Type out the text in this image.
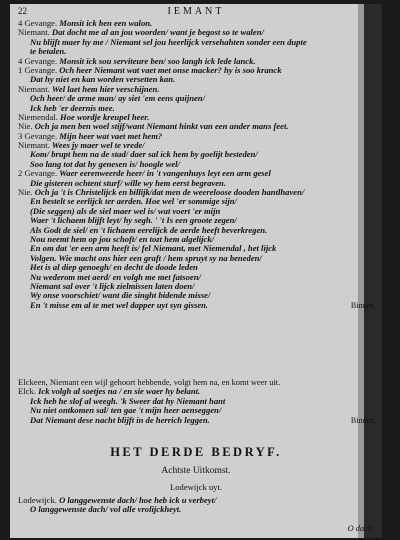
22	IEMANT
4 Gevange. Monsit ick ben een walon.
Niemant. Dat docht me al an jou woorden/ want je begost so te walen/
Nu blijft maer hy me / Niemant sel jou heerlijck versehahten sonder een dupte
te betalen.
4 Gevange. Monsit ick sou serviteure ben/ soo langh ick lede lanck.
1 Gevange. Och heer Niemant wat vaet met onse macker? hy is soo kranck
Dat hy niet en kan worden versetten kan.
Niemant. Wel laet hem hier verschijnen.
Och heer/ de arme man/ ay siet 'em eens quijnen/
Ick heb 'er deernis mee.
Niemendal. Hoe wordje kreupel heer.
Nie. Och ja men ben woel stijf/want Niemant hinkt van een ander mans feet.
3 Gevange. Mijn heer wat vaet met hem?
Niemant. Wees jy maer wel te vrede/
Kom/ brupt hem na de stad/ daer sal ick hem by goelijt besteden/
Soo lang tot dat hy genesen is/ hoogle wel/
2 Gevange. Waer eerenweerde heer/ in 't vangenhuys leyt een arm gesel
Die gisteren ochtent sturf/ wille wy hem eerst begraven.
Nie. Och ja 't is Christelijck en billijk/dat men de weereloose dooden hantlhaven/
En bestelt se eerlijck ter aerden. Hoe wel 'er sommige sijn/
(Die seggen) als de siel maer wel is/ wat voert 'er mijn
Waer 't lichaem blijft leyt/ hy segh. ' 't Is een groote zegen/
Als Godt de siel/ en 't lichaem eerelijck de aerde heeft beverkregen.
Nou neemt hem op jou schoft/ en tozt hem algelijck/
En om dat 'er een arm heeft is/ fel Niemant, met Niemendal , het lijck
Volgen. Wie macht ons hier een graft / hem spruyt sy na beneden/
Het is al diep genoegh/ en decht de doode leden
Nu wederom met aerd/ en volgh me met fatsoen/
Niemant sal over 't lijck zielmissen laten doen/
Wy onse voorschiet/ want die singht bidende misse/
En 't misse em al te met wel dapper uyt syn gissen.	Binnen.
Elckeen, Niemant een wijl gehoort hebbende, volgt hem na, en komt weer uit.
Elck. Ick volgh al soetjes na / en sie waer hy belant.
Ick heb he slof al weegh. 'k Sweer dat hy Niemant hant
Nu niet ontkomen sal/ ten gae 't mijn heer aenseggen/
Dat Niemant dese nacht blijft in de herrich leggen.	Binnen.
HET DERDE BEDRYF.
Achtste Uitkomst.
Lodewijck uyt.
Lodewijck. O langgewenste dach/ hoe heb ick u verbeyt/
O langgewenste dach/ vol alle vrolijckheyt.
O dach
